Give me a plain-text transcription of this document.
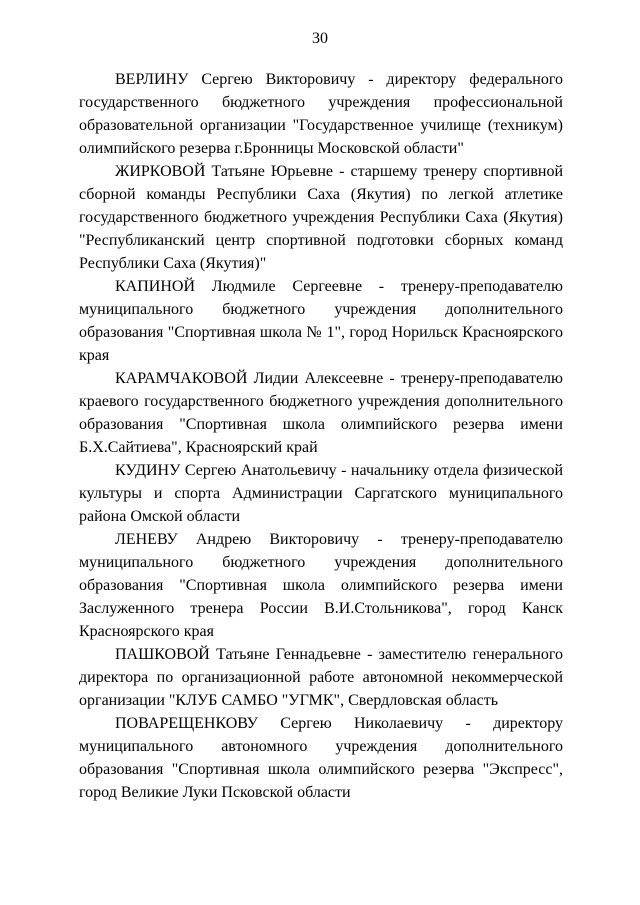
30

ВЕРЛИНУ Сергею Викторовичу - директору федерального государственного бюджетного учреждения профессиональной образовательной организации "Государственное училище (техникум) олимпийского резерва г.Бронницы Московской области"

ЖИРКОВОЙ Татьяне Юрьевне - старшему тренеру спортивной сборной команды Республики Саха (Якутия) по легкой атлетике государственного бюджетного учреждения Республики Саха (Якутия) "Республиканский центр спортивной подготовки сборных команд Республики Саха (Якутия)"

КАПИНОЙ Людмиле Сергеевне - тренеру-преподавателю муниципального бюджетного учреждения дополнительного образования "Спортивная школа № 1", город Норильск Красноярского края

КАРАМЧАКОВОЙ Лидии Алексеевне - тренеру-преподавателю краевого государственного бюджетного учреждения дополнительного образования "Спортивная школа олимпийского резерва имени Б.Х.Сайтиева", Красноярский край

КУДИНУ Сергею Анатольевичу - начальнику отдела физической культуры и спорта Администрации Саргатского муниципального района Омской области

ЛЕНЕВУ Андрею Викторовичу - тренеру-преподавателю муниципального бюджетного учреждения дополнительного образования "Спортивная школа олимпийского резерва имени Заслуженного тренера России В.И.Стольникова", город Канск Красноярского края

ПАШКОВОЙ Татьяне Геннадьевне - заместителю генерального директора по организационной работе автономной некоммерческой организации "КЛУБ САМБО "УГМК", Свердловская область

ПОВАРЕЩЕНКОВУ Сергею Николаевичу - директору муниципального автономного учреждения дополнительного образования "Спортивная школа олимпийского резерва "Экспресс", город Великие Луки Псковской области
